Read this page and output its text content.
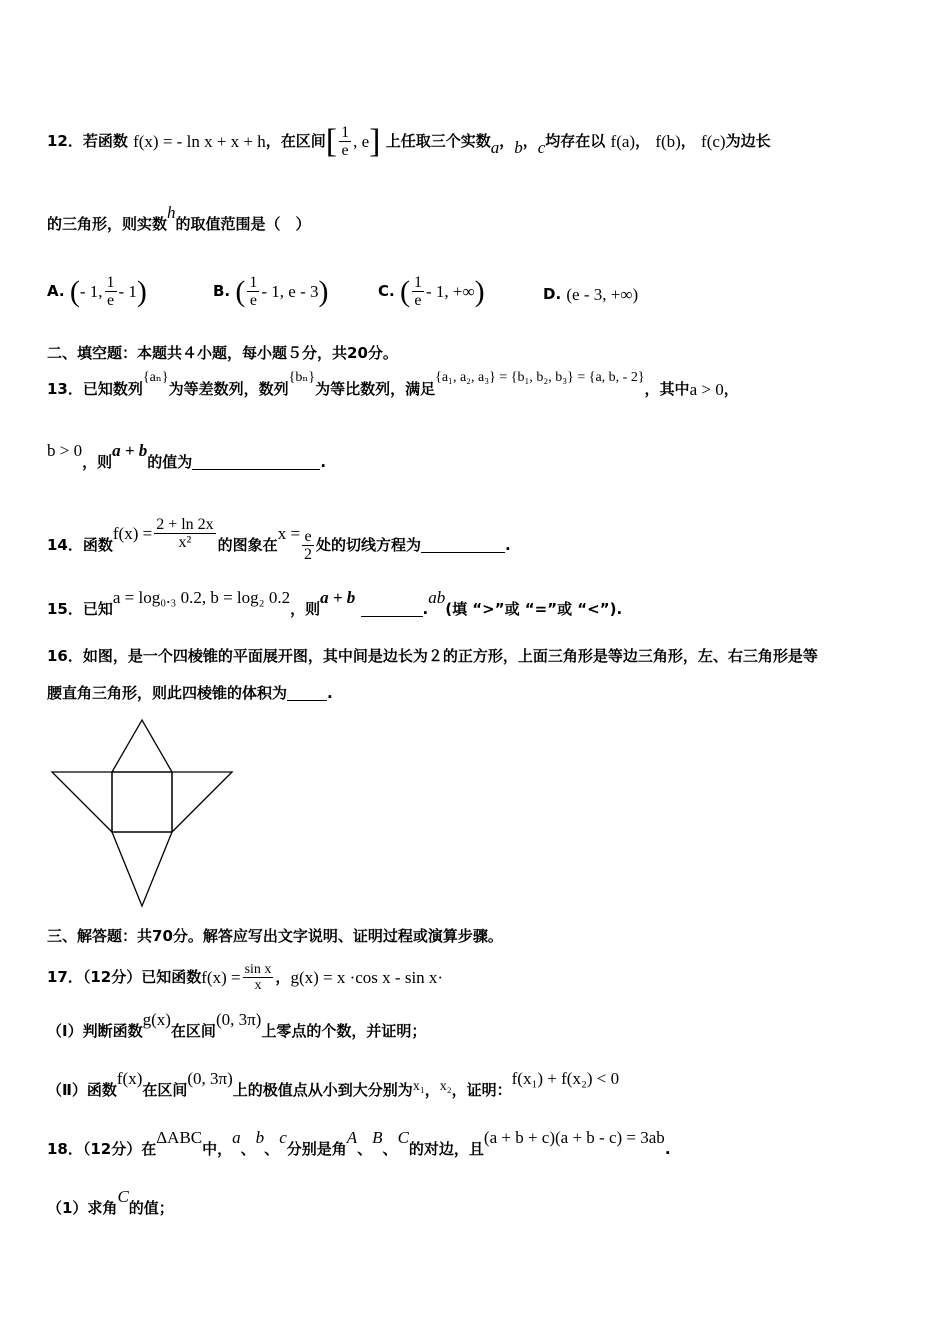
12．若函数 f(x) = - ln x + x + h，在区间[ $\frac{1}{e}$ , e] 上任取三个实数a，b，c均存在以 f(a)， f(b)， f(c)为边长
的三角形，则实数h的取值范围是（　）
A. (- 1, $\frac{1}{e} - 1$)	B. ( $\frac{1}{e} - 1$, e - 3)	C. ( $\frac{1}{e} - 1$, +∞)	D. (e - 3, +∞)
二、填空题：本题共４小题，每小题５分，共20分。
13．已知数列{aₙ}为等差数列，数列{bₙ}为等比数列，满足{a₁, a₂, a₃} = {b₁, b₂, b₃} = {a, b, - 2}，其中a > 0，
b > 0，则a + b的值为	.
14．函数$f(x) = \frac{2 + \ln 2x}{\text{x²}}$ 的图象在$x = \frac{e}{2}$ 处的切线方程为	.
15．已知a = log₀.₃ 0.2, b = log₂ 0.2，则a + b .ab(填 “>”或 “=”或 “<”).
16．如图，是一个四棱锥的平面展开图，其中间是边长为２的正方形，上面三角形是等边三角形，左、右三角形是等
腰直角三角形，则此四棱锥的体积为	.
三、解答题：共70分。解答应写出文字说明、证明过程或演算步骤。
17．（12分）已知函数$f(x) = \frac{\text{sin x}}{x}$ ，g(x) = x ·cos x - sin x·
（Ⅰ）判断函数g(x)在区间(0, 3π)上零点的个数，并证明；
（Ⅱ）函数f(x)在区间(0, 3π)上的极值点从小到大分别为x₁，x₂，证明：f(x₁) + f(x₂) < 0
18．（12分）在ΔABC中，a、b、c分别是角A、B、C的对边，且(a + b + c)(a + b - c) = 3ab.
（1）求角C的值；
